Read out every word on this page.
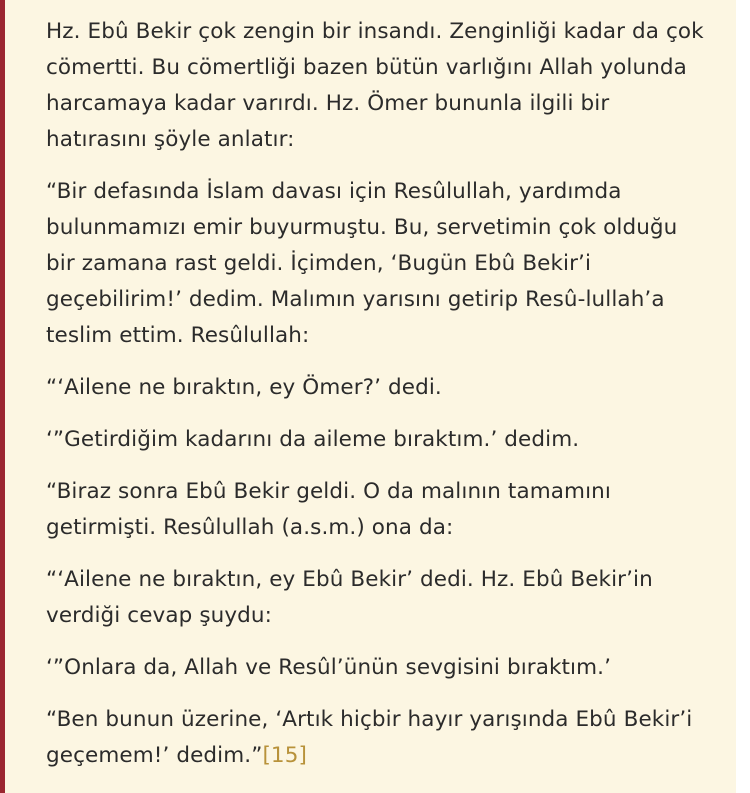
Hz. Ebû Bekir çok zengin bir insandı. Zenginliği kadar da çok cömertti. Bu cömertliği bazen bütün varlığını Allah yolunda harcamaya kadar varırdı. Hz. Ömer bununla ilgili bir hatırasını şöyle anlatır:

“Bir defasında İslam davası için Resûlullah, yardımda bulunmamızı emir buyurmuştu. Bu, servetimin çok olduğu bir zamana rast geldi. İçimden, ‘Bugün Ebû Bekir’i geçebilirim!’ dedim. Malımın yarısını getirip Resû-lullah’a teslim ettim. Resûlullah:

“‘Ailene ne bıraktın, ey Ömer?’ dedi.

‘”Getirdiğim kadarını da aileme bıraktım.’ dedim.

“Biraz sonra Ebû Bekir geldi. O da malının tamamını getirmişti. Resûlullah (a.s.m.) ona da:

“‘Ailene ne bıraktın, ey Ebû Bekir’ dedi. Hz. Ebû Bekir’in verdiği cevap şuydu:

‘”Onlara da, Allah ve Resûl’ünün sevgisini bıraktım.’

“Ben bunun üzerine, ‘Artık hiçbir hayır yarışında Ebû Bekir’i geçemem!’ dedim.”[15]
